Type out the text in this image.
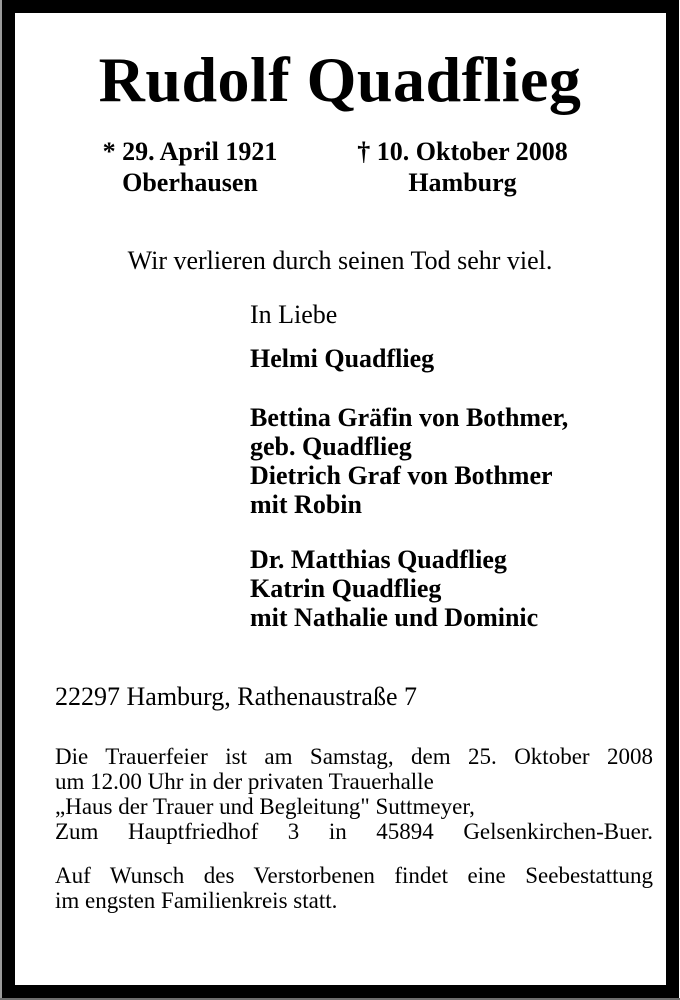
Rudolf Quadflieg
* 29. April 1921
Oberhausen
† 10. Oktober 2008
Hamburg
Wir verlieren durch seinen Tod sehr viel.
In Liebe
Helmi Quadflieg
Bettina Gräfin von Bothmer,
geb. Quadflieg
Dietrich Graf von Bothmer
mit Robin
Dr. Matthias Quadflieg
Katrin Quadflieg
mit Nathalie und Dominic
22297 Hamburg, Rathenaustraße 7
Die Trauerfeier ist am Samstag, dem 25. Oktober 2008
um 12.00 Uhr in der privaten Trauerhalle
„Haus der Trauer und Begleitung" Suttmeyer,
Zum Hauptfriedhof 3 in 45894 Gelsenkirchen-Buer.
Auf Wunsch des Verstorbenen findet eine Seebestattung
im engsten Familienkreis statt.
